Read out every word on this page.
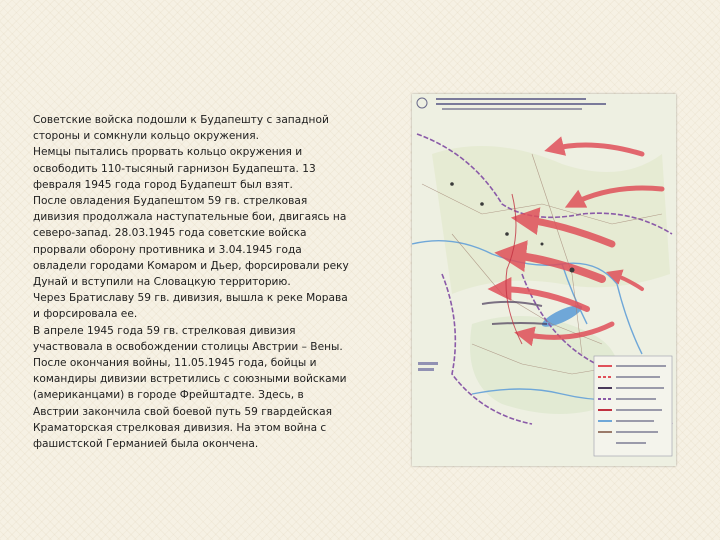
Советские войска подошли к Будапешту с западной стороны и сомкнули кольцо окружения.

Немцы пытались прорвать кольцо окружения и освободить 110-тысяный гарнизон Будапешта. 13 февраля 1945 года город Будапешт был взят.

После овладения Будапештом 59 гв. стрелковая дивизия продолжала наступательные бои, двигаясь на северо-запад. 28.03.1945 года советские войска прорвали оборону противника и 3.04.1945 года овладели городами Комаром и Дьер, форсировали реку Дунай и вступили на Словацкую территорию.

Через Братиславу 59 гв. дивизия, вышла к реке Морава и форсировала ее.

В апреле 1945 года 59 гв. стрелковая дивизия участвовала в освобождении столицы Австрии – Вены. После окончания войны, 11.05.1945 года, бойцы и командиры дивизии встретились с союзными войсками (американцами) в городе Фрейштадте. Здесь, в Австрии закончила свой боевой путь 59 гвардейская Краматорская стрелковая дивизия. На этом война с фашистской Германией была окончена.
